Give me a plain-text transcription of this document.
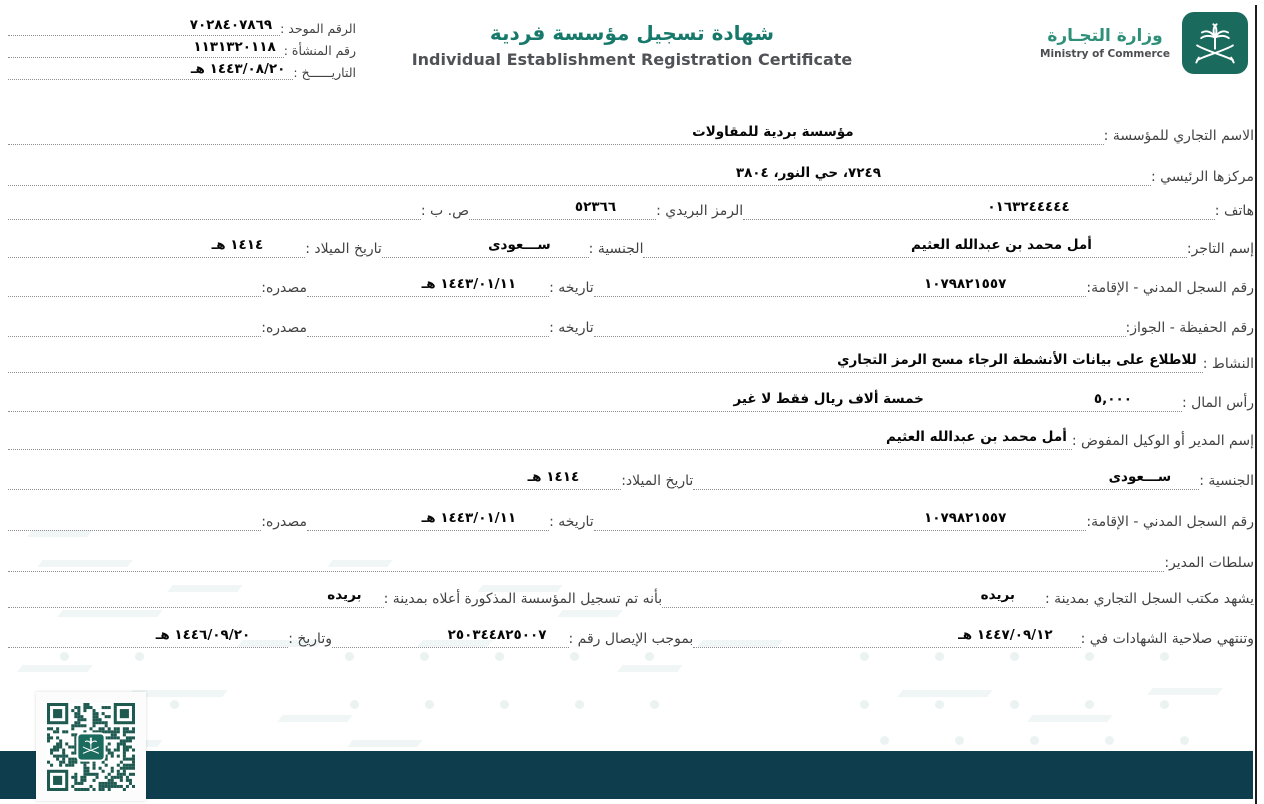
وزارة التجـارة
Ministry of Commerce
شهادة تسجيل مؤسسة فردية
Individual Establishment Registration Certificate
الرقم الموحد :
٧٠٢٨٤٠٧٨٦٩
رقم المنشأة :
١١٣١٣٢٠١١٨
التاريــــــخ :
١٤٤٣/٠٨/٢٠ هـ
الاسم التجاري للمؤسسة :
مؤسسة بردية للمقاولات
مركزها الرئيسي :
٧٢٤٩، حي النور، ٣٨٠٤
هاتف :
٠١٦٣٢٤٤٤٤٤
الرمز البريدي :
٥٢٣٦٦
ص. ب :
إسم التاجر:
أمل محمد بن عبدالله العثيم
الجنسية :
ســـعودى
تاريخ الميلاد :
١٤١٤ هـ
رقم السجل المدني - الإقامة:
١٠٧٩٨٢١٥٥٧
تاريخه :
١٤٤٣/٠١/١١ هـ
مصدره:
رقم الحفيظة - الجواز:
تاريخه :
مصدره:
النشاط :
للاطلاع على بيانات الأنشطة الرجاء مسح الرمز التجاري
رأس المال :
٥,٠٠٠
خمسة ألاف ريال فقط لا غير
إسم المدير أو الوكيل المفوض :
أمل محمد بن عبدالله العثيم
الجنسية :
ســـعودى
تاريخ الميلاد:
١٤١٤ هـ
رقم السجل المدني - الإقامة:
١٠٧٩٨٢١٥٥٧
تاريخه :
١٤٤٣/٠١/١١ هـ
مصدره:
سلطات المدير:
يشهد مكتب السجل التجاري بمدينة :
بريده
بأنه تم تسجيل المؤسسة المذكورة أعلاه بمدينة :
بريده
وتنتهي صلاحية الشهادات في :
١٤٤٧/٠٩/١٢ هـ
بموجب الإيصال رقم :
٢٥٠٣٤٤٨٢٥٠٠٧
وتاريخ :
١٤٤٦/٠٩/٢٠ هـ
